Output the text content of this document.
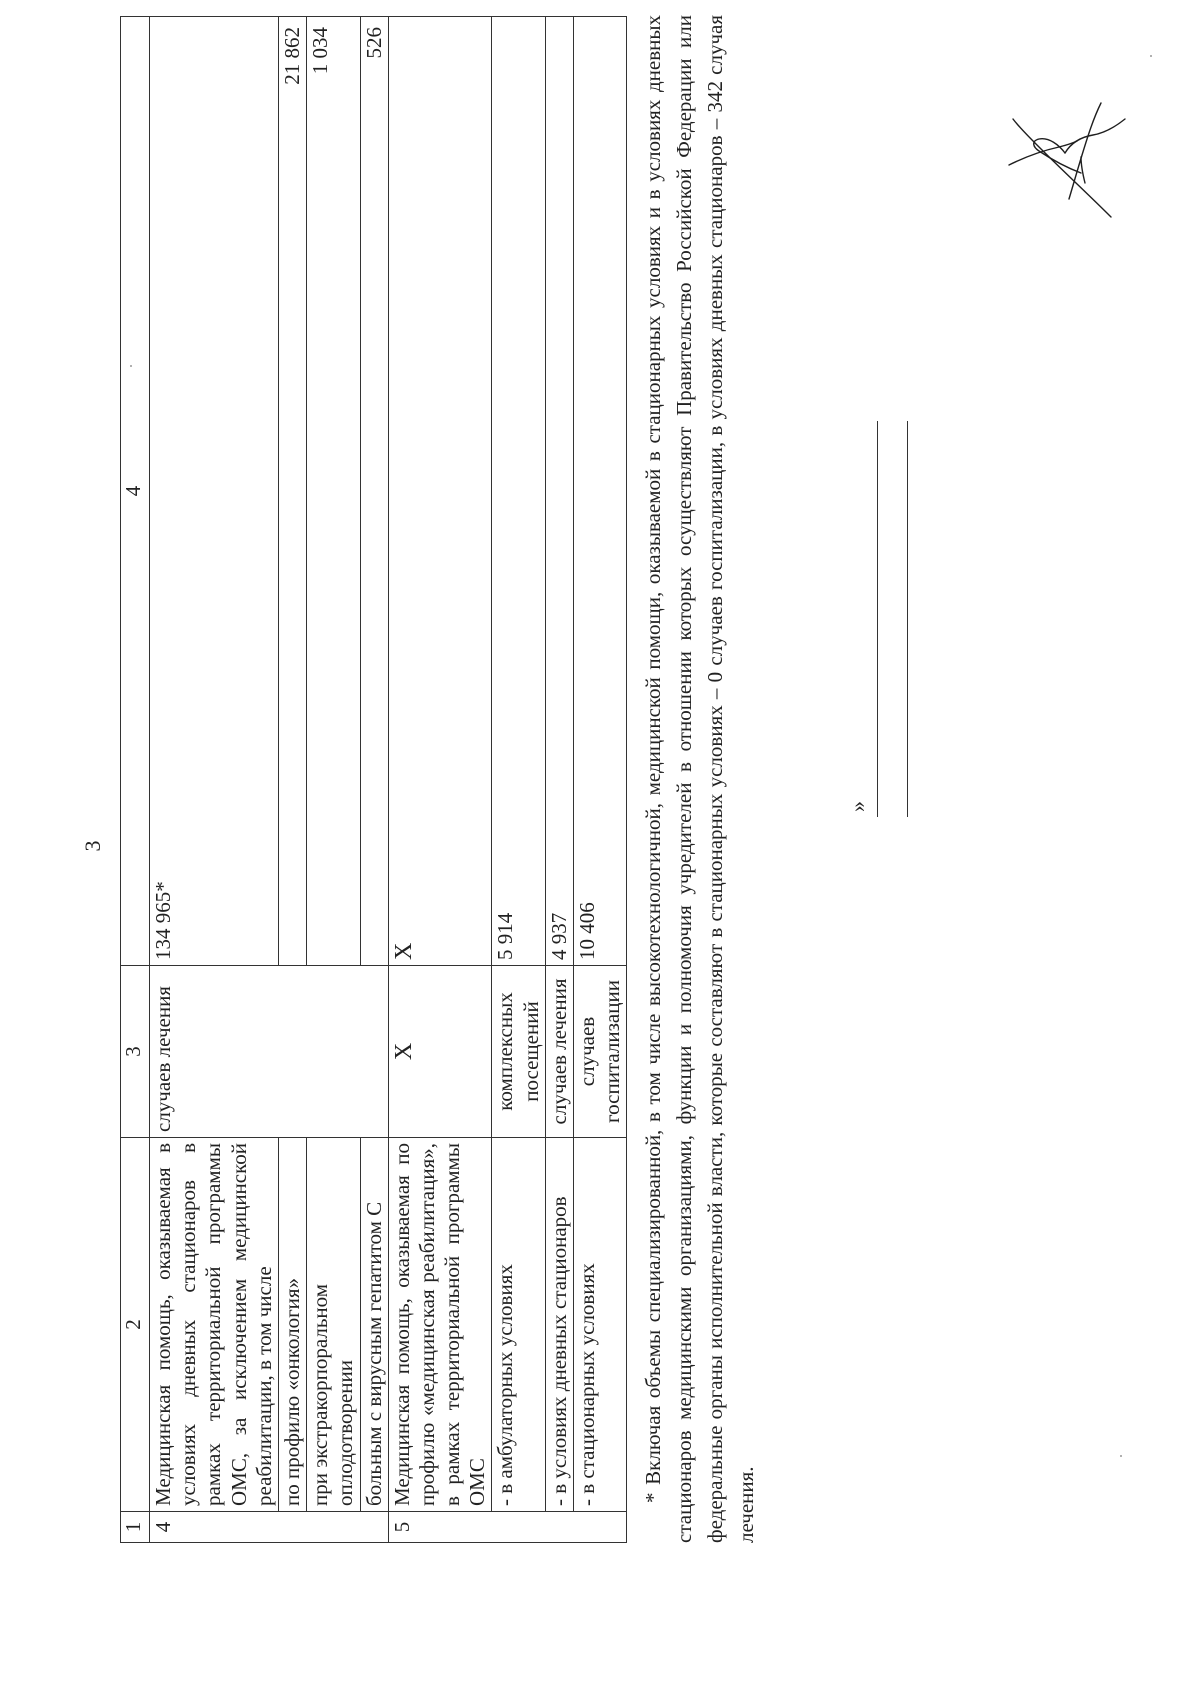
3
1	2	3	4
4	Медицинская помощь, оказываемая в условиях дневных стационаров в рамках территориальной программы ОМС, за исключением медицинской реабилитации, в том числе	случаев лечения	134 965*
	по профилю «онкология»		21 862
	при экстракорпоральном оплодотворении		1 034
	больным с вирусным гепатитом С		526
5	Медицинская помощь, оказываемая по профилю «медицинская реабилитация», в рамках территориальной программы ОМС	X	X
	- в амбулаторных условиях	комплексных посещений	5 914
	- в условиях дневных стационаров	случаев лечения	4 937
	- в стационарных условиях	случаев госпитализации	10 406 * Включая объемы специализированной, в том числе высокотехнологичной, медицинской помощи, оказываемой в стационарных условиях и в условиях дневных стационаров медицинскими организациями, функции и полномочия учредителей в отношении которых осуществляют Правительство Российской Федерации или федеральные органы исполнительной власти, которые составляют в стационарных условиях – 0 случаев госпитализации, в условиях дневных стационаров – 342 случая лечения.

»
